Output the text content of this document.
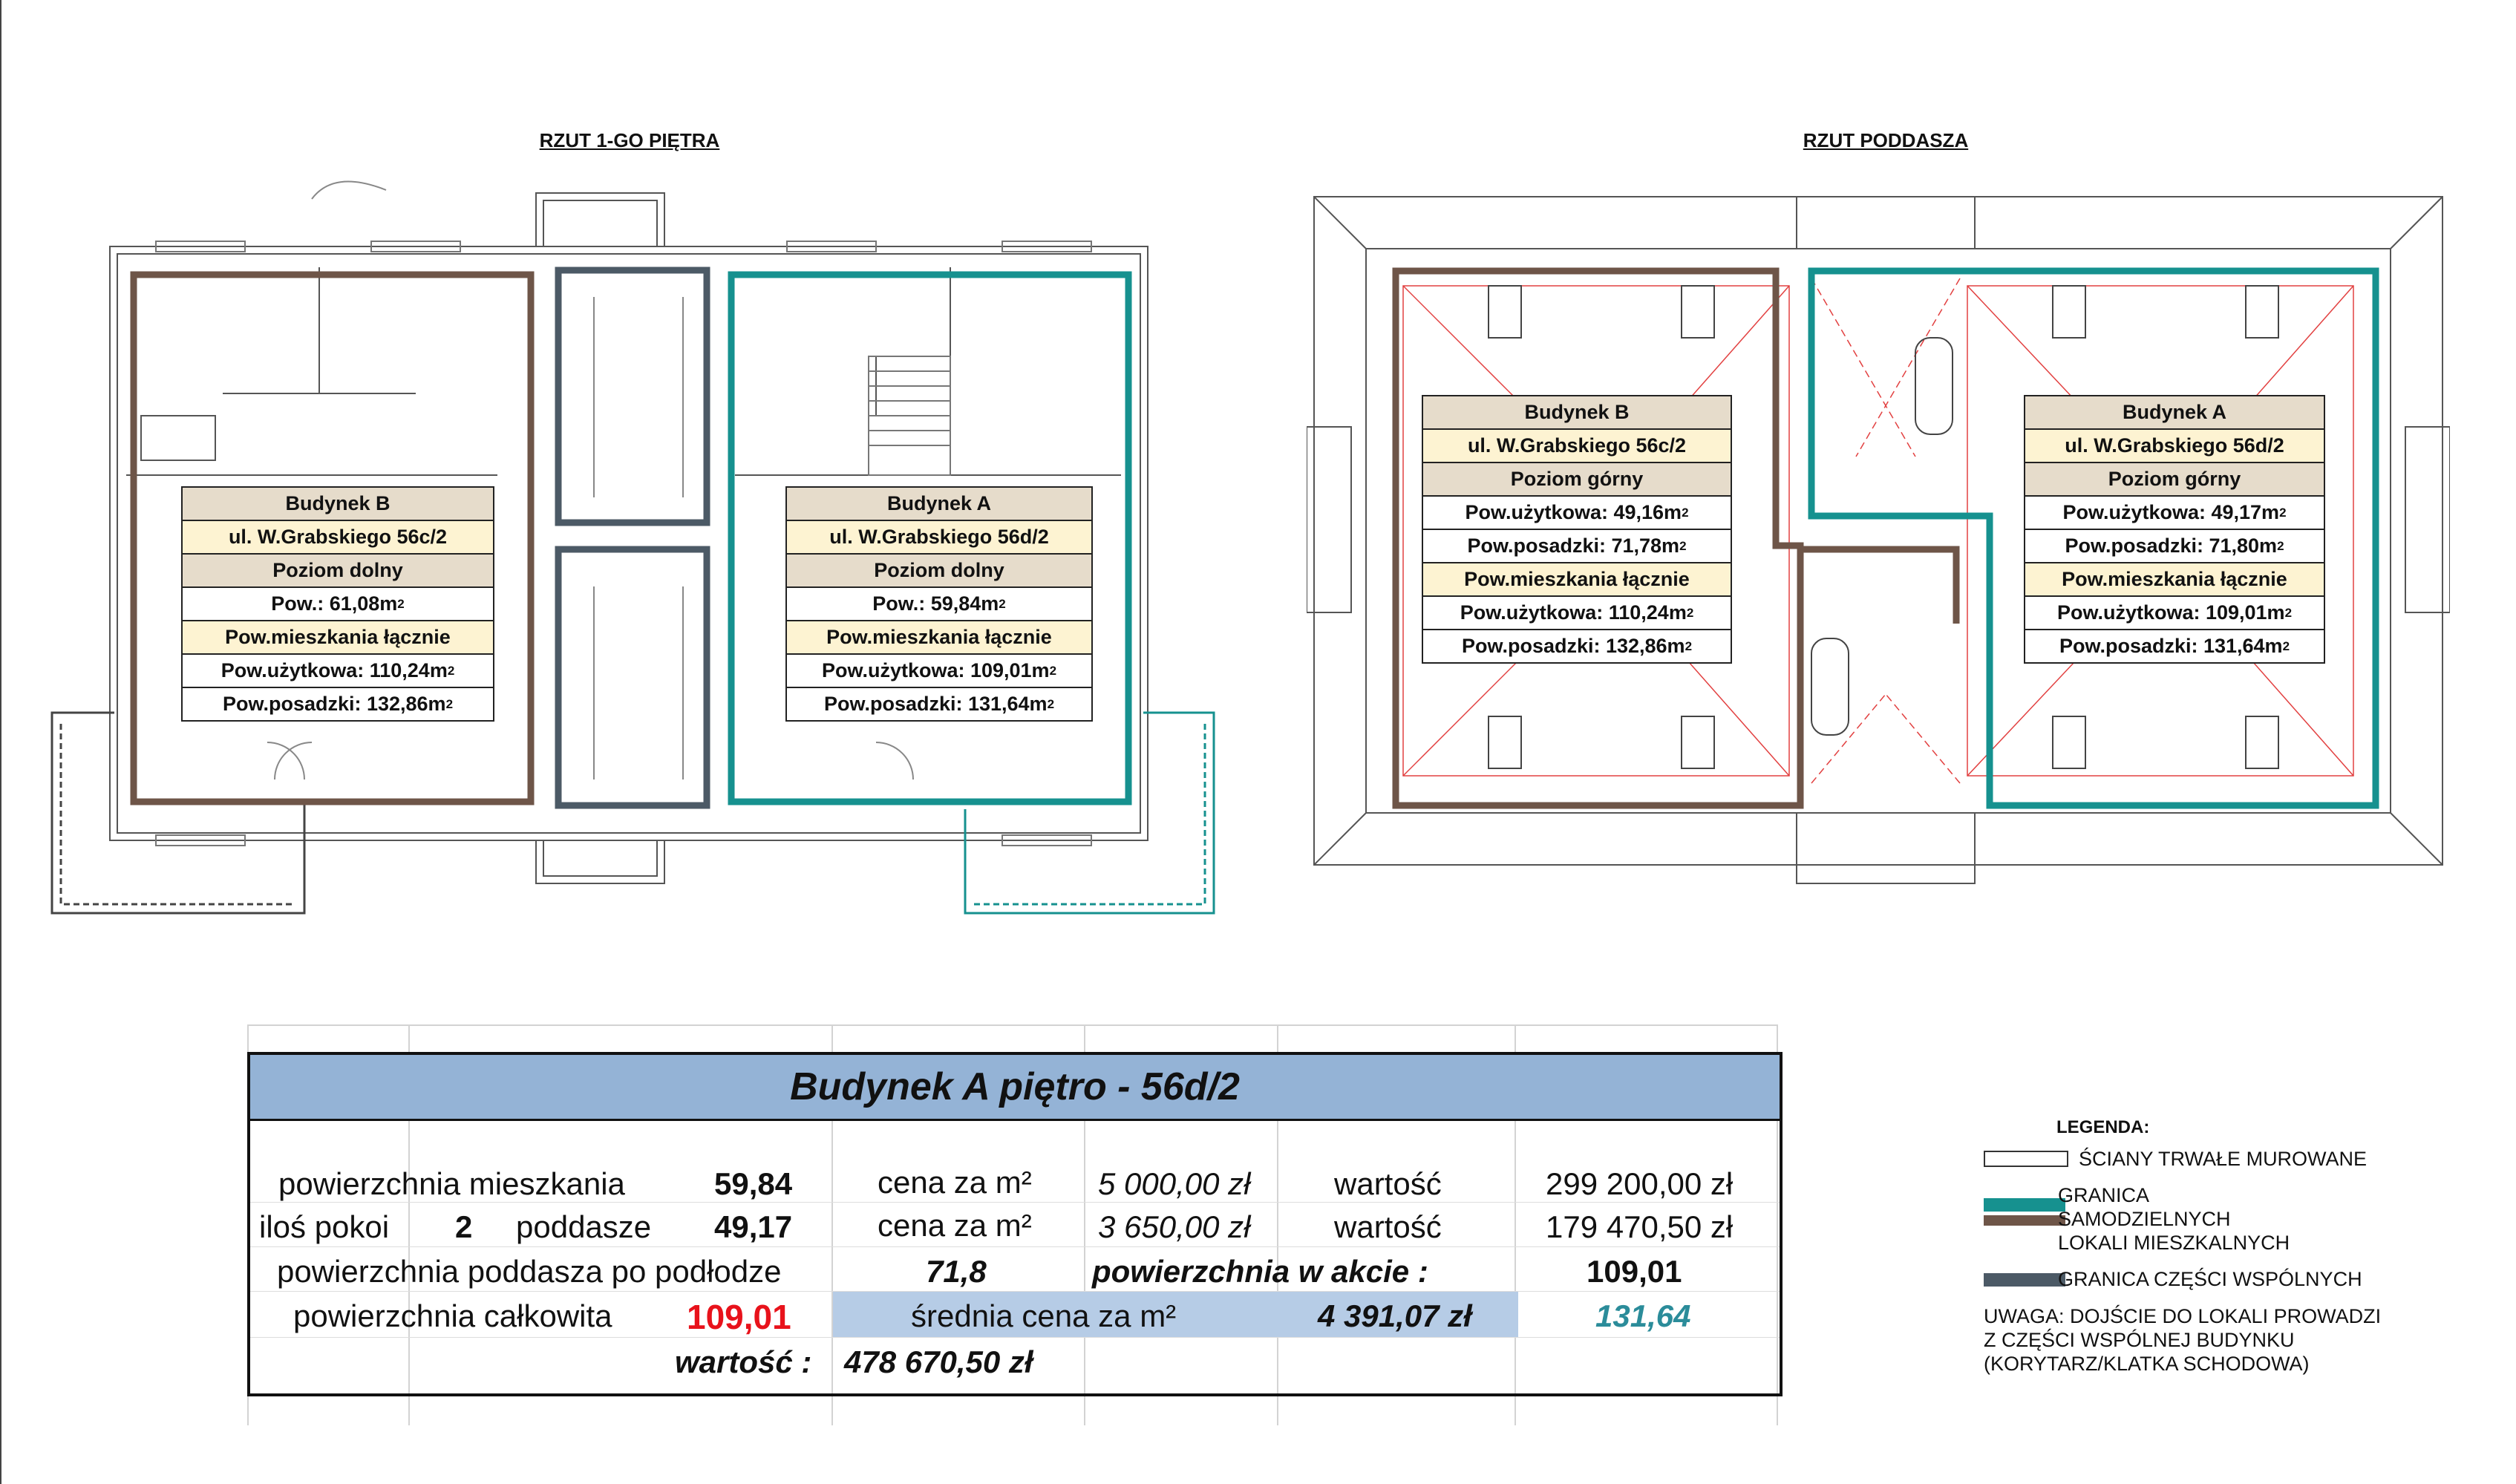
RZUT 1-GO PIĘTRA	RZUT PODDASZA
Budynek B
ul. W.Grabskiego 56c/2
Poziom dolny
Pow.: 61,08m 2
Pow.mieszkania łącznie
Pow.użytkowa: 110,24m 2
Pow.posadzki: 132,86m 2
Budynek A
ul. W.Grabskiego 56d/2
Poziom dolny
Pow.: 59,84m 2
Pow.mieszkania łącznie
Pow.użytkowa: 109,01m 2
Pow.posadzki: 131,64m 2
Budynek B
ul. W.Grabskiego 56c/2
Poziom górny
Pow.użytkowa: 49,16m 2
Pow.posadzki: 71,78m 2
Pow.mieszkania łącznie
Pow.użytkowa: 110,24m 2
Pow.posadzki: 132,86m 2
Budynek A
ul. W.Grabskiego 56d/2
Poziom górny
Pow.użytkowa: 49,17m 2
Pow.posadzki: 71,80m 2
Pow.mieszkania łącznie
Pow.użytkowa: 109,01m 2
Pow.posadzki: 131,64m 2
Budynek A piętro - 56d/2
powierzchnia mieszkania	59,84	cena za m² 5 000,00 zł	wartość	299 200,00 zł
iloś pokoi 2 poddasze 49,17	cena za m² 3 650,00 zł	wartość	179 470,50 zł
powierzchnia poddasza po podłodze	71,8	powierzchnia w akcie :	109,01
powierzchnia całkowita 109,01	średnia cena za m²	4 391,07 zł	131,64
wartość : 478 670,50 zł
LEGENDA:
ŚCIANY TRWAŁE MUROWANE
GRANICA
SAMODZIELNYCH
LOKALI MIESZKALNYCH
GRANICA CZĘŚCI WSPÓLNYCH
UWAGA: DOJŚCIE DO LOKALI PROWADZI
Z CZĘŚCI WSPÓLNEJ BUDYNKU
(KORYTARZ/KLATKA SCHODOWA)
